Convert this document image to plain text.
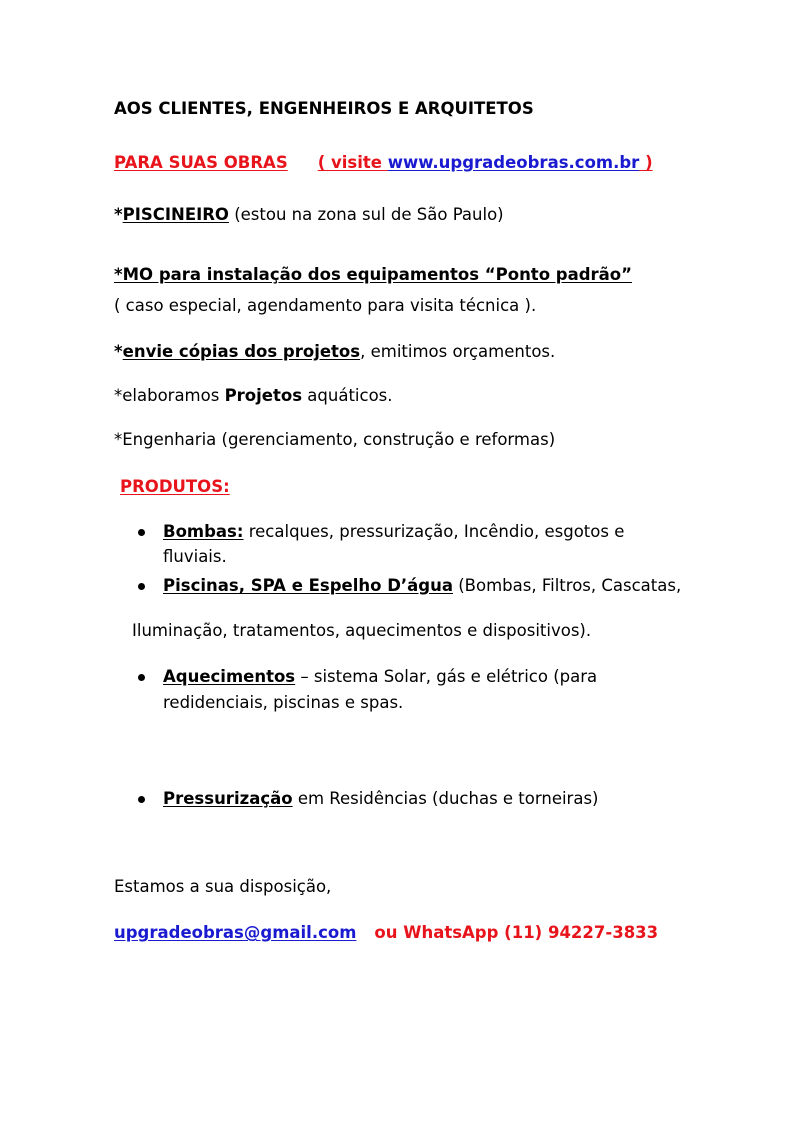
AOS CLIENTES, ENGENHEIROS E ARQUITETOS
PARA SUAS OBRAS ( visite www.upgradeobras.com.br )
*PISCINEIRO (estou na zona sul de São Paulo)
*MO para instalação dos equipamentos “Ponto padrão”
( caso especial, agendamento para visita técnica ).
*envie cópias dos projetos, emitimos orçamentos.
*elaboramos Projetos aquáticos.
*Engenharia (gerenciamento, construção e reformas)
PRODUTOS:
Bombas: recalques, pressurização, Incêndio, esgotos e
fluviais.
Piscinas, SPA e Espelho D’água (Bombas, Filtros, Cascatas,
Iluminação, tratamentos, aquecimentos e dispositivos).
Aquecimentos – sistema Solar, gás e elétrico (para
redidenciais, piscinas e spas.
Pressurização em Residências (duchas e torneiras)
Estamos a sua disposição,
upgradeobras@gmail.com ou WhatsApp (11) 94227-3833
